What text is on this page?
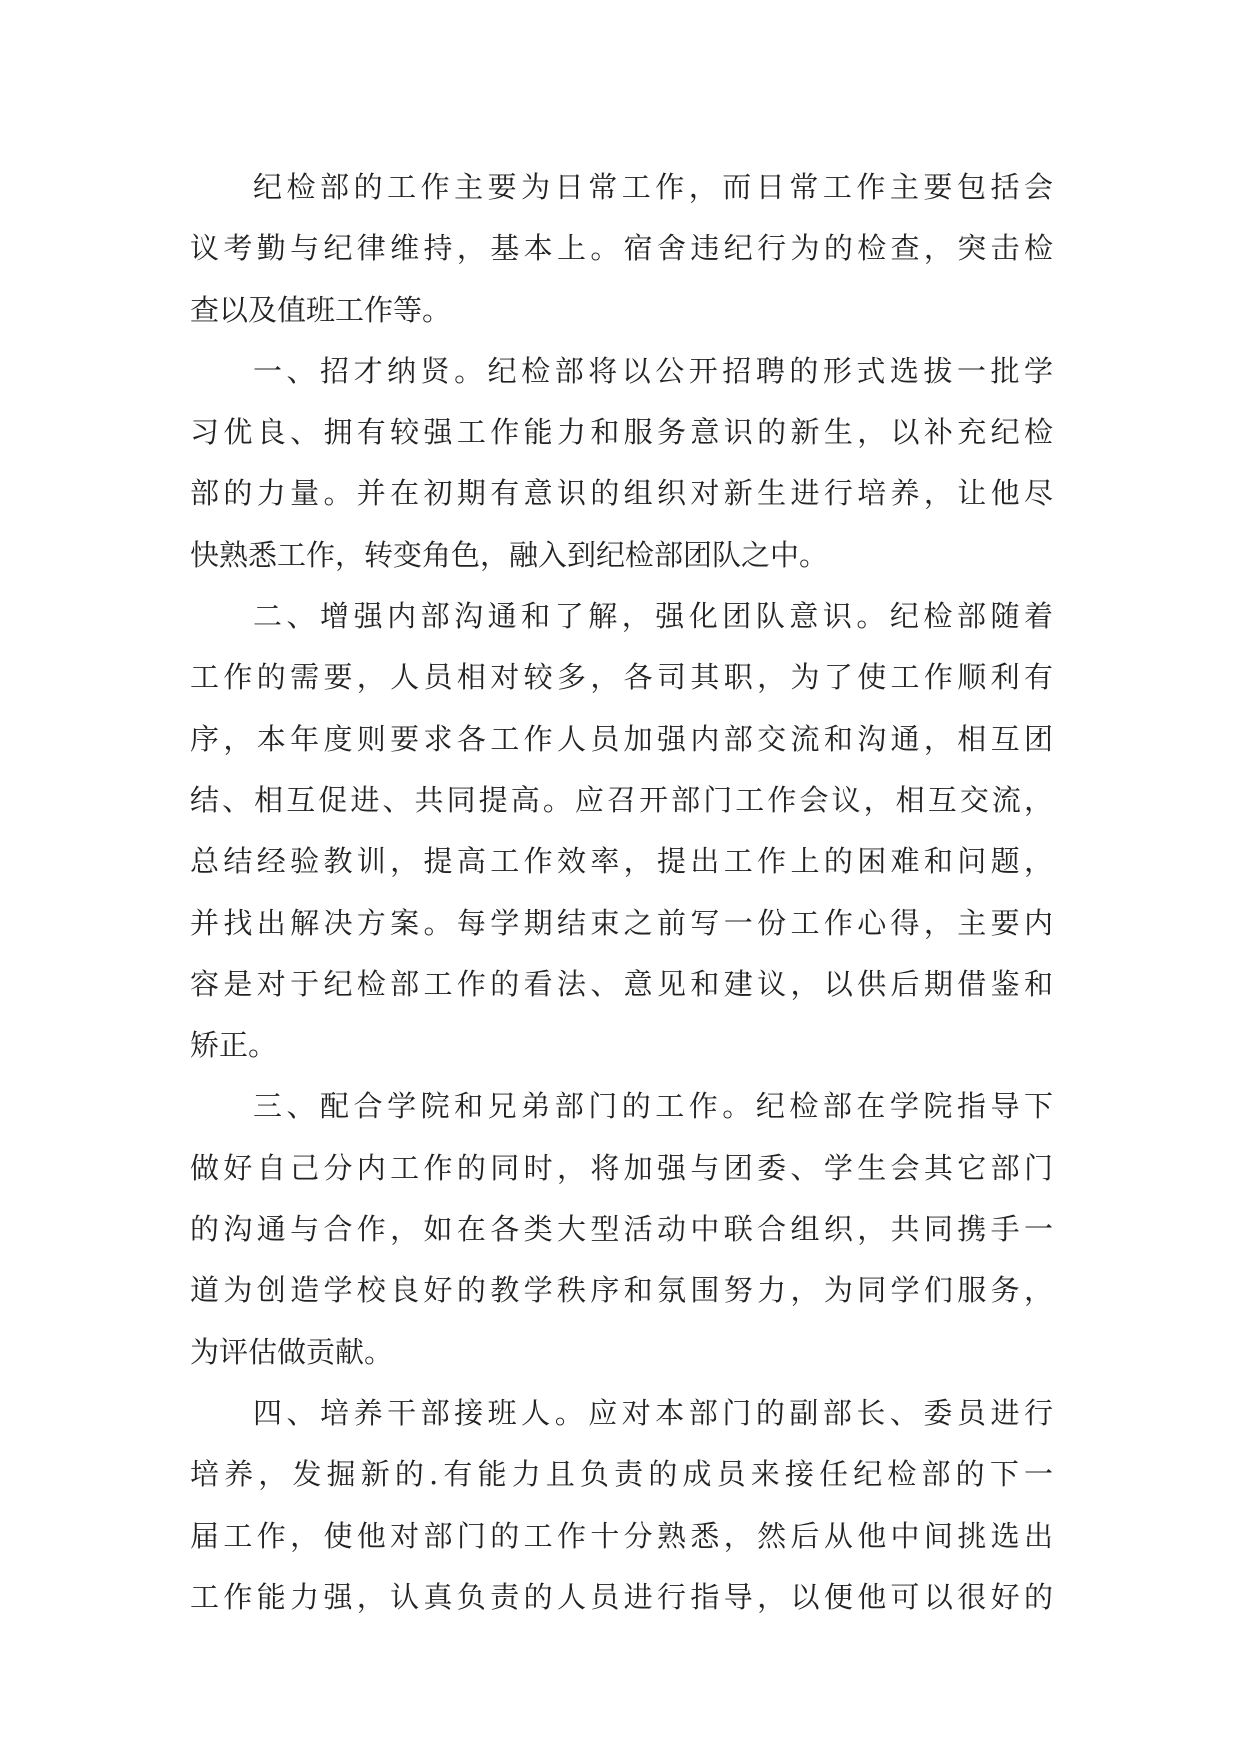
纪检部的工作主要为日常工作，而日常工作主要包括会
议考勤与纪律维持，基本上。宿舍违纪行为的检查，突击检
查以及值班工作等。

一、招才纳贤。纪检部将以公开招聘的形式选拔一批学
习优良、拥有较强工作能力和服务意识的新生，以补充纪检
部的力量。并在初期有意识的组织对新生进行培养，让他尽
快熟悉工作，转变角色，融入到纪检部团队之中。

二、增强内部沟通和了解，强化团队意识。纪检部随着
工作的需要，人员相对较多，各司其职，为了使工作顺利有
序，本年度则要求各工作人员加强内部交流和沟通，相互团
结、相互促进、共同提高。应召开部门工作会议，相互交流，
总结经验教训，提高工作效率，提出工作上的困难和问题，
并找出解决方案。每学期结束之前写一份工作心得，主要内
容是对于纪检部工作的看法、意见和建议，以供后期借鉴和
矫正。

三、配合学院和兄弟部门的工作。纪检部在学院指导下
做好自己分内工作的同时，将加强与团委、学生会其它部门
的沟通与合作，如在各类大型活动中联合组织，共同携手一
道为创造学校良好的教学秩序和氛围努力，为同学们服务，
为评估做贡献。

四、培养干部接班人。应对本部门的副部长、委员进行
培养，发掘新的.有能力且负责的成员来接任纪检部的下一
届工作，使他对部门的工作十分熟悉，然后从他中间挑选出
工作能力强，认真负责的人员进行指导，以便他可以很好的
